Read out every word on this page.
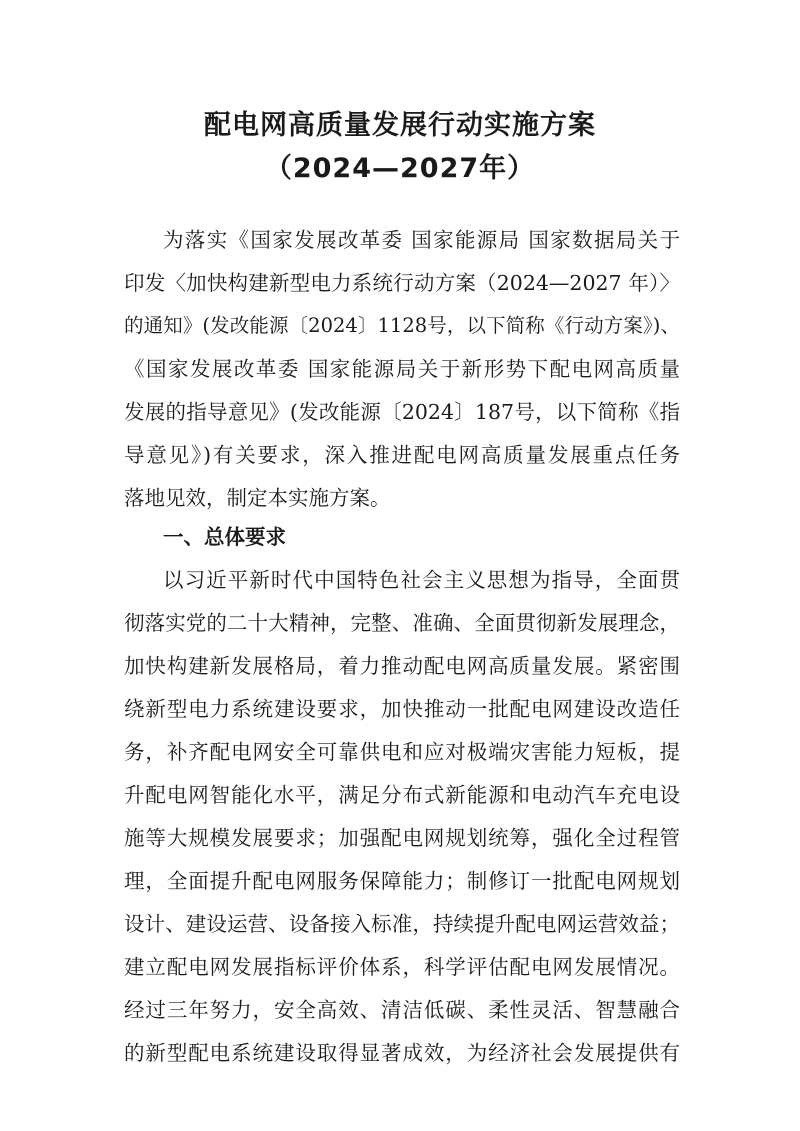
配电网高质量发展行动实施方案
（2024—2027年）
为落实《国家发展改革委 国家能源局 国家数据局关于
印发〈加快构建新型电力系统行动方案（2024—2027 年）〉
的通知》(发改能源〔2024〕1128号，以下简称《行动方案》)、
《国家发展改革委 国家能源局关于新形势下配电网高质量
发展的指导意见》(发改能源〔2024〕187号，以下简称《指
导意见》)有关要求，深入推进配电网高质量发展重点任务
落地见效，制定本实施方案。
一、总体要求
以习近平新时代中国特色社会主义思想为指导，全面贯
彻落实党的二十大精神，完整、准确、全面贯彻新发展理念，
加快构建新发展格局，着力推动配电网高质量发展。紧密围
绕新型电力系统建设要求，加快推动一批配电网建设改造任
务，补齐配电网安全可靠供电和应对极端灾害能力短板，提
升配电网智能化水平，满足分布式新能源和电动汽车充电设
施等大规模发展要求；加强配电网规划统筹，强化全过程管
理，全面提升配电网服务保障能力；制修订一批配电网规划
设计、建设运营、设备接入标准，持续提升配电网运营效益；
建立配电网发展指标评价体系，科学评估配电网发展情况。
经过三年努力，安全高效、清洁低碳、柔性灵活、智慧融合
的新型配电系统建设取得显著成效，为经济社会发展提供有
